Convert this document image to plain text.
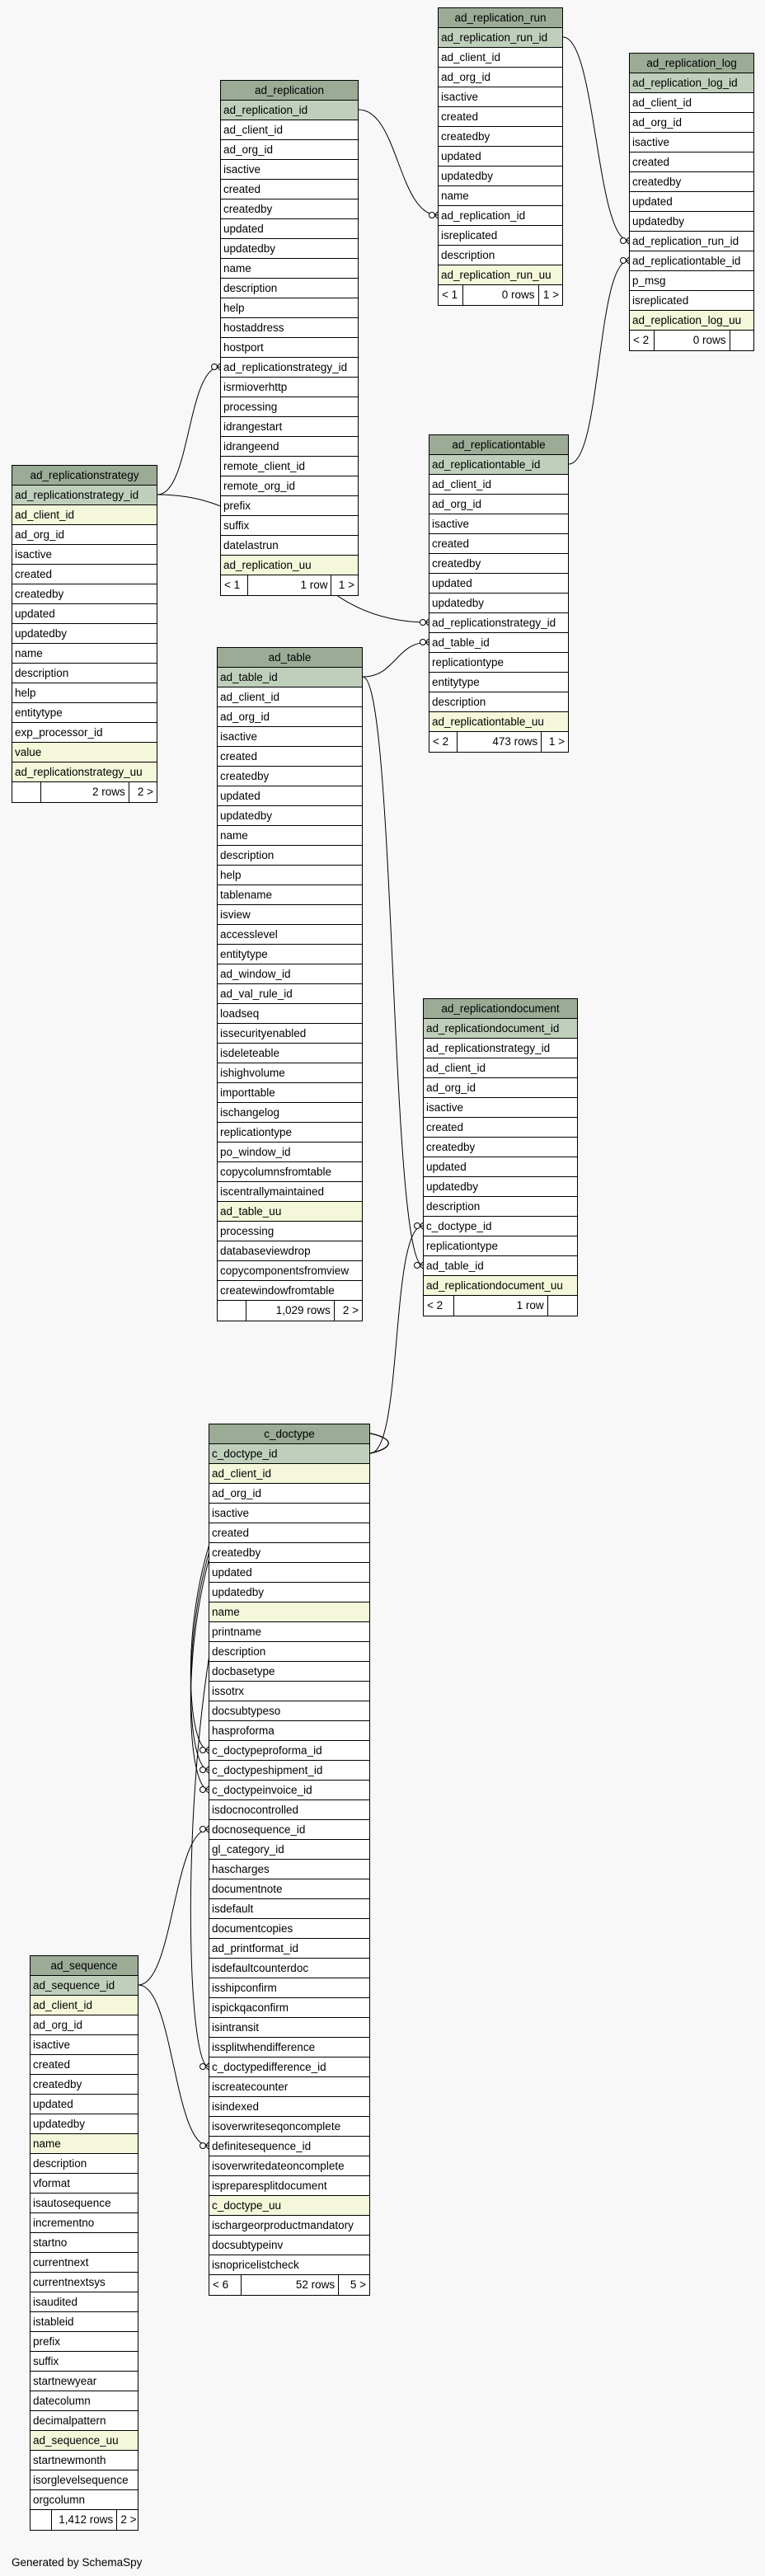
ad_replication_run
ad_replication_run_id
ad_client_id
ad_org_id
isactive
created
createdby
updated
updatedby
name
ad_replication_id
isreplicated
description
ad_replication_run_uu
< 1	0 rows 1 >
ad_replication_log
ad_replication_log_id
ad_client_id
ad_org_id
isactive
created
createdby
updated
updatedby
ad_replication_run_id
ad_replicationtable_id
p_msg
isreplicated
ad_replication_log_uu
< 2	0 rows
ad_replication
ad_replication_id
ad_client_id
ad_org_id
isactive
created
createdby
updated
updatedby
name
description
help
hostaddress
hostport
ad_replicationstrategy_id
isrmioverhttp
processing
idrangestart
idrangeend
remote_client_id
remote_org_id
prefix
suffix
datelastrun
ad_replication_uu
< 1	1 row 1 >
ad_replicationstrategy
ad_replicationstrategy_id
ad_client_id
ad_org_id
isactive
created
createdby
updated
updatedby
name
description
help
entitytype
exp_processor_id
value
ad_replicationstrategy_uu
2 rows	2 >
ad_replicationtable
ad_replicationtable_id
ad_client_id
ad_org_id
isactive
created
createdby
updated
updatedby
ad_replicationstrategy_id
ad_table_id
replicationtype
entitytype
description
ad_replicationtable_uu
< 2	473 rows	1 >
ad_table
ad_table_id
ad_client_id
ad_org_id
isactive
created
createdby
updated
updatedby
name
description
help
tablename
isview
accesslevel
entitytype
ad_window_id
ad_val_rule_id
loadseq
issecurityenabled
isdeleteable
ishighvolume
importtable
ischangelog
replicationtype
po_window_id
copycolumnsfromtable
iscentrallymaintained
ad_table_uu
processing
databaseviewdrop
copycomponentsfromview
createwindowfromtable
1,029 rows	2 >
ad_replicationdocument
ad_replicationdocument_id
ad_replicationstrategy_id
ad_client_id
ad_org_id
isactive
created
createdby
updated
updatedby
description
c_doctype_id
replicationtype
ad_table_id
ad_replicationdocument_uu
< 2	1 row
c_doctype
c_doctype_id
ad_client_id
ad_org_id
isactive
created
createdby
updated
updatedby
name
printname
description
docbasetype
issotrx
docsubtypeso
hasproforma
c_doctypeproforma_id
c_doctypeshipment_id
c_doctypeinvoice_id
isdocnocontrolled
docnosequence_id
gl_category_id
hascharges
documentnote
isdefault
documentcopies
ad_printformat_id
isdefaultcounterdoc
isshipconfirm
ispickqaconfirm
isintransit
issplitwhendifference
c_doctypedifference_id
iscreatecounter
isindexed
isoverwriteseqoncomplete
definitesequence_id
isoverwritedateoncomplete
ispreparesplitdocument
c_doctype_uu
ischargeorproductmandatory
docsubtypeinv
isnopricelistcheck
< 6	52 rows	5 >
ad_sequence
ad_sequence_id
ad_client_id
ad_org_id
isactive
created
createdby
updated
updatedby
name
description
vformat
isautosequence
incrementno
startno
currentnext
currentnextsys
isaudited
istableid
prefix
suffix
startnewyear
datecolumn
decimalpattern
ad_sequence_uu
startnewmonth
isorglevelsequence
orgcolumn
1,412 rows 2 >
Generated by SchemaSpy
